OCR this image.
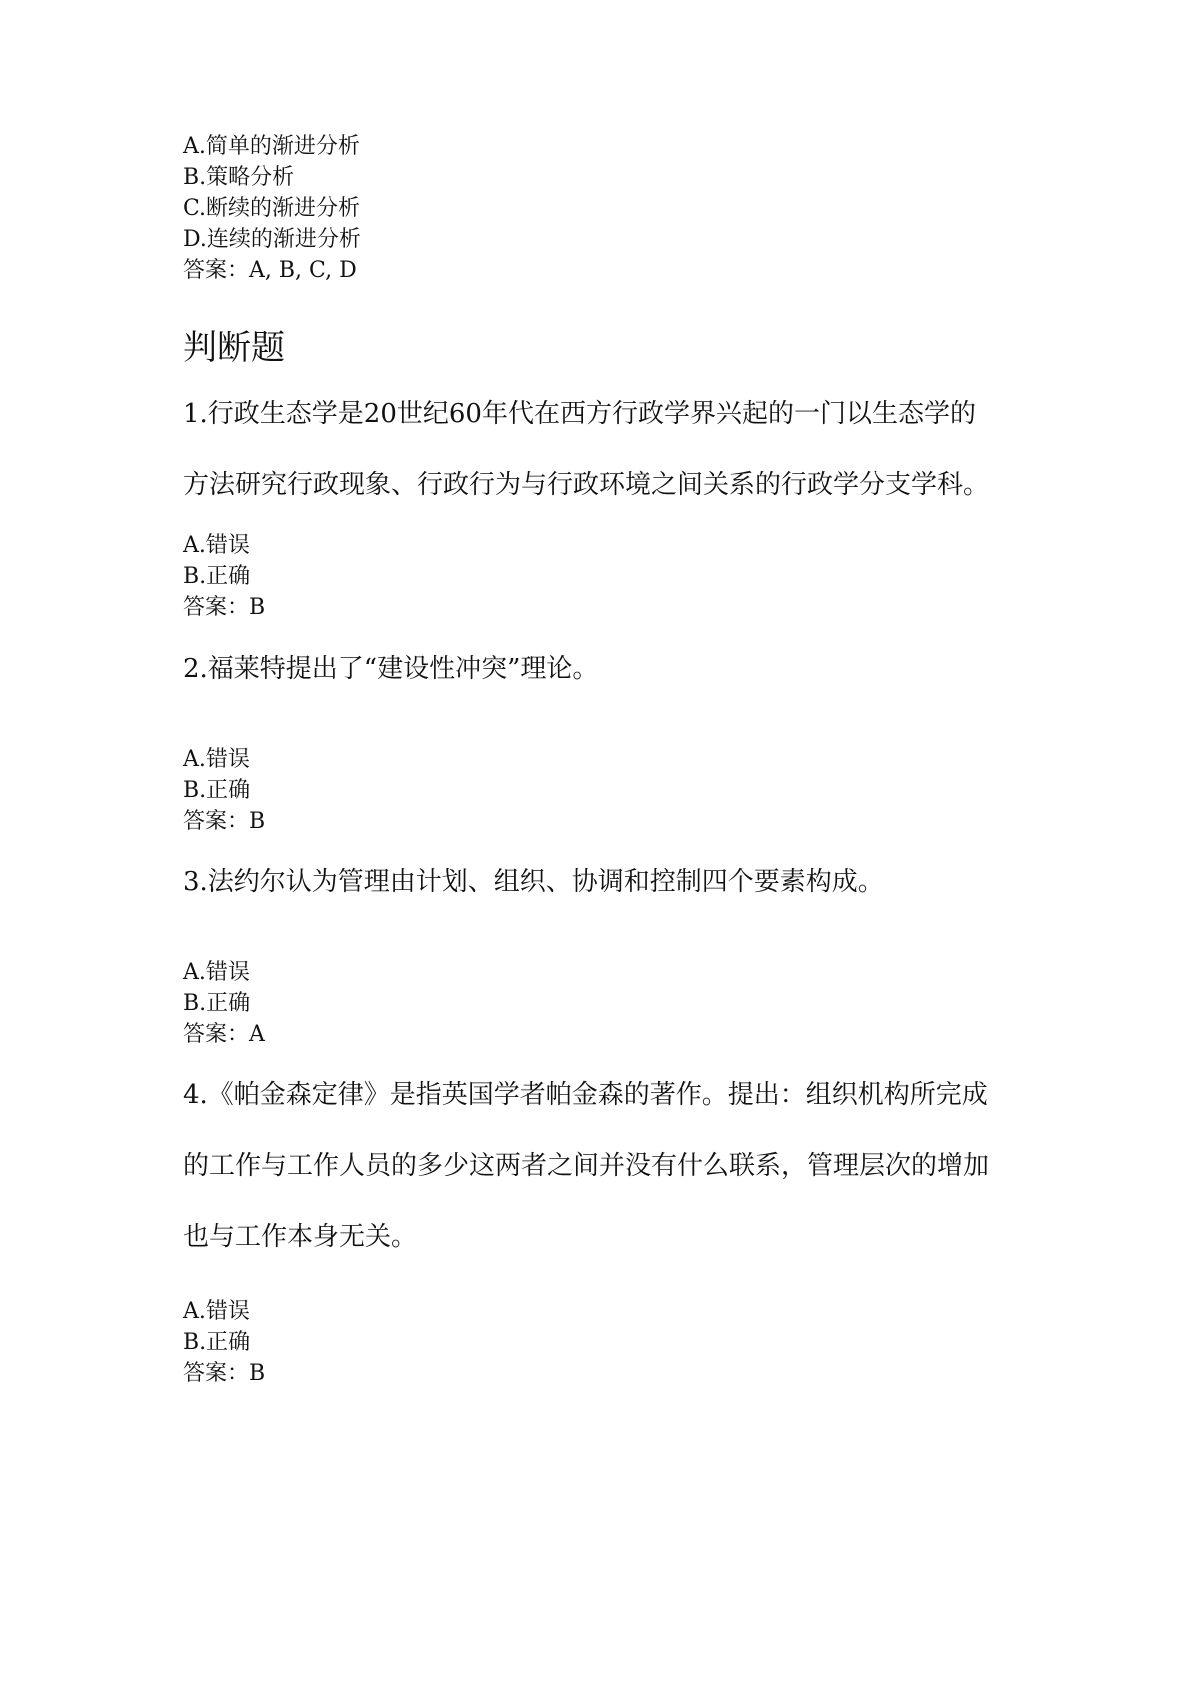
A.简单的渐进分析
B.策略分析
C.断续的渐进分析
D.连续的渐进分析
答案：A, B, C, D
判断题
1.行政生态学是20世纪60年代在西方行政学界兴起的一门以生态学的
方法研究行政现象、行政行为与行政环境之间关系的行政学分支学科。
A.错误
B.正确
答案：B
2.福莱特提出了“建设性冲突”理论。
A.错误
B.正确
答案：B
3.法约尔认为管理由计划、组织、协调和控制四个要素构成。
A.错误
B.正确
答案：A
4.《帕金森定律》是指英国学者帕金森的著作。提出：组织机构所完成
的工作与工作人员的多少这两者之间并没有什么联系，管理层次的增加
也与工作本身无关。
A.错误
B.正确
答案：B
